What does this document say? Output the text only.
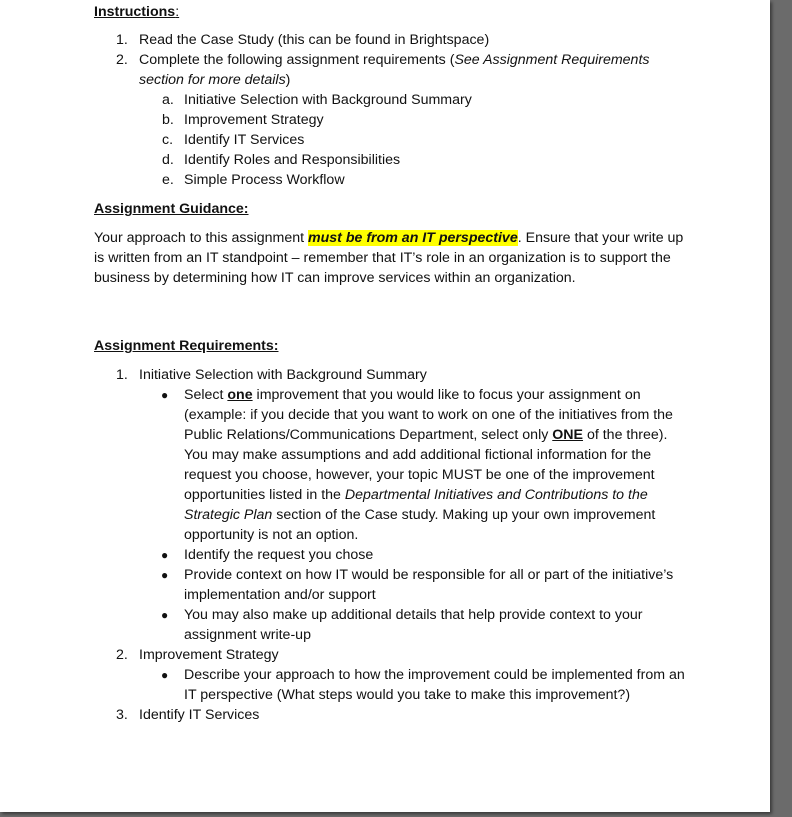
Instructions:

1. Read the Case Study (this can be found in Brightspace)
2. Complete the following assignment requirements (See Assignment Requirements section for more details)
a. Initiative Selection with Background Summary
b. Improvement Strategy
c. Identify IT Services
d. Identify Roles and Responsibilities
e. Simple Process Workflow

Assignment Guidance:

Your approach to this assignment must be from an IT perspective. Ensure that your write up is written from an IT standpoint – remember that IT’s role in an organization is to support the business by determining how IT can improve services within an organization.

Assignment Requirements:

1. Initiative Selection with Background Summary
● Select one improvement that you would like to focus your assignment on (example: if you decide that you want to work on one of the initiatives from the Public Relations/Communications Department, select only ONE of the three). You may make assumptions and add additional fictional information for the request you choose, however, your topic MUST be one of the improvement opportunities listed in the Departmental Initiatives and Contributions to the Strategic Plan section of the Case study. Making up your own improvement opportunity is not an option.
● Identify the request you chose
● Provide context on how IT would be responsible for all or part of the initiative’s implementation and/or support
● You may also make up additional details that help provide context to your assignment write-up
2. Improvement Strategy
● Describe your approach to how the improvement could be implemented from an IT perspective (What steps would you take to make this improvement?)
3. Identify IT Services
